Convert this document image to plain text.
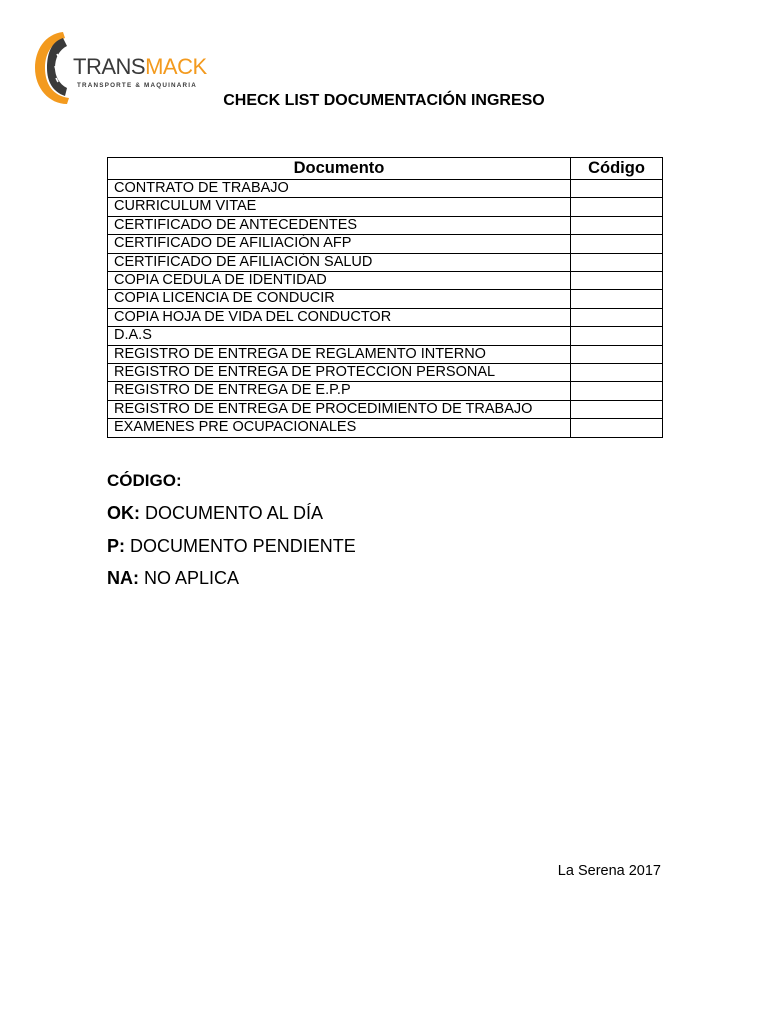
TRANSMACK
TRANSPORTE & MAQUINARIA
CHECK LIST DOCUMENTACIÓN INGRESO
Documento	Código
CONTRATO DE TRABAJO	
CURRICULUM VITAE	
CERTIFICADO DE ANTECEDENTES	
CERTIFICADO DE AFILIACIÓN AFP	
CERTIFICADO DE AFILIACIÓN SALUD	
COPIA CEDULA DE IDENTIDAD	
COPIA LICENCIA DE CONDUCIR	
COPIA HOJA DE VIDA DEL CONDUCTOR	
D.A.S	
REGISTRO DE ENTREGA DE REGLAMENTO INTERNO	
REGISTRO DE ENTREGA DE PROTECCION PERSONAL	
REGISTRO DE ENTREGA DE E.P.P	
REGISTRO DE ENTREGA DE PROCEDIMIENTO DE TRABAJO	
EXAMENES PRE OCUPACIONALES	
CÓDIGO:
OK: DOCUMENTO AL DÍA
P: DOCUMENTO PENDIENTE
NA: NO APLICA
La Serena 2017
